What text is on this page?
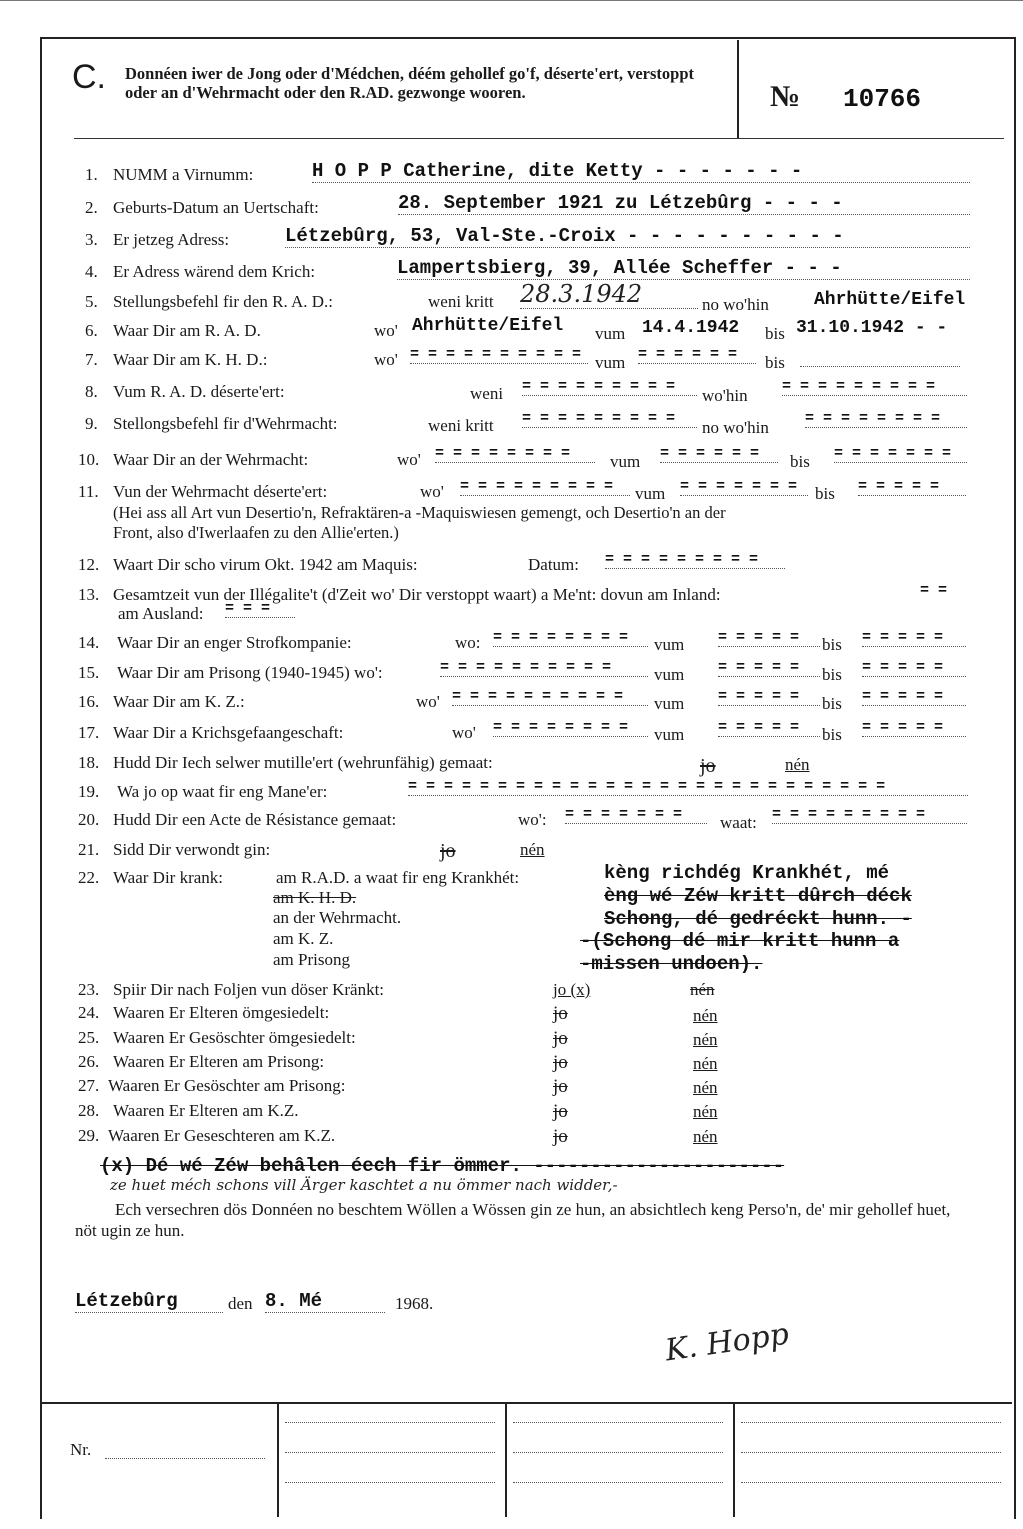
C. Donnéen iwer de Jong oder d'Médchen, déém gehollef go'f, déserte'ert, verstoppt oder an d'Wehrmacht oder den R.AD. gezwonge wooren.	№ 10766
1. NUMM a Virnumm:	H O P P Catherine, dite Ketty - - - - - - -
2. Geburts-Datum an Uertschaft:	28. September 1921 zu Létzebûrg - - - -
3. Er jetzeg Adress:	Létzebûrg, 53, Val-Ste.-Croix - - - - - - - - - -
4. Er Adress wärend dem Krich:	Lampertsbierg, 39, Allée Scheffer - - -
5. Stellungsbefehl fir den R. A. D.:	weni kritt 28.3.1942	no wo'hin	Ahrhütte/Eifel
6. Waar Dir am R. A. D.	wo' Ahrhütte/Eifel vum 14.4.1942 bis 31.10.1942 - -
7. Waar Dir am K. H. D.:	wo' = = = = = = = = = = vum = = = = = =	bis
8. Vum R. A. D. déserte'ert:	weni = = = = = = = = =	wo'hin = = = = = = = = =
9. Stellongsbefehl fir d'Wehrmacht:	weni kritt = = = = = = = = =	no wo'hin = = = = = = = =
10. Waar Dir an der Wehrmacht:	wo' = = = = = = = =	vum = = = = = =	bis = = = = = = =
11. Vun der Wehrmacht déserte'ert:	wo' = = = = = = = = =	vum = = = = = = =	bis = = = = =
(Hei ass all Art vun Desertio'n, Refraktären-a -Maquiswiesen gemengt, och Desertio'n an der
Front, also d'Iwerlaafen zu den Allie'erten.)
12. Waart Dir scho virum Okt. 1942 am Maquis:	Datum: = = = = = = = = =
13. Gesamtzeit vun der Illégalite't (d'Zeit wo' Dir verstoppt waart) a Me'nt: dovun am Inland:	= =
am Ausland: = = =
14. Waar Dir an enger Strofkompanie:	wo: = = = = = = = =	vum = = = = =	bis = = = = =
15. Waar Dir am Prisong (1940-1945) wo':	= = = = = = = = = =	vum = = = = =	bis = = = = =
16. Waar Dir am K. Z.:	wo' = = = = = = = = = =	vum = = = = =	bis = = = = =
17. Waar Dir a Krichsgefaangeschaft:	wo' = = = = = = = =	vum = = = = =	bis = = = = =
18. Hudd Dir Iech selwer mutille'ert (wehrunfähig) gemaat:	jo	nén
19. Wa jo op waat fir eng Mane'er:	= = = = = = = = = = = = = = = = = = = = = = = = = = =
20. Hudd Dir een Acte de Résistance gemaat:	wo': = = = = = = =	waat: = = = = = = = = =
21. Sidd Dir verwondt gin:	jo	nén
22. Waar Dir krank:	am R.A.D. a waat fir eng Krankhét:
am K. H. D.
an der Wehrmacht.
am K. Z.
am Prisong
kèng richdég Krankhét, mé
èng wé Zéw kritt dûrch déck
Schong, dé gedréckt hunn. -
-(Schong dé mir kritt hunn a
-missen undoen).
23. Spiir Dir nach Foljen vun döser Kränkt:	jo (x)	nén
24. Waaren Er Elteren ömgesiedelt:	jo	nén
25. Waaren Er Gesöschter ömgesiedelt:	jo	nén
26. Waaren Er Elteren am Prisong:	jo	nén
27. Waaren Er Gesöschter am Prisong:	jo	nén
28. Waaren Er Elteren am K.Z.	jo	nén
29. Waaren Er Geseschteren am K.Z.	jo	nén
(x) Dé wé Zéw behâlen éech fir ömmer. ----------------------
ze huet méch schons vill Ärger kaschtet a nu ömmer nach widder,-
Ech versechren dös Donnéen no beschtem Wöllen a Wössen gin ze hun, an absichtlech keng Perso'n, de' mir gehollef huet, nöt ugin ze hun.
Létzebûrg	den 8. Mé	1968.
K. Hopp
Nr.
